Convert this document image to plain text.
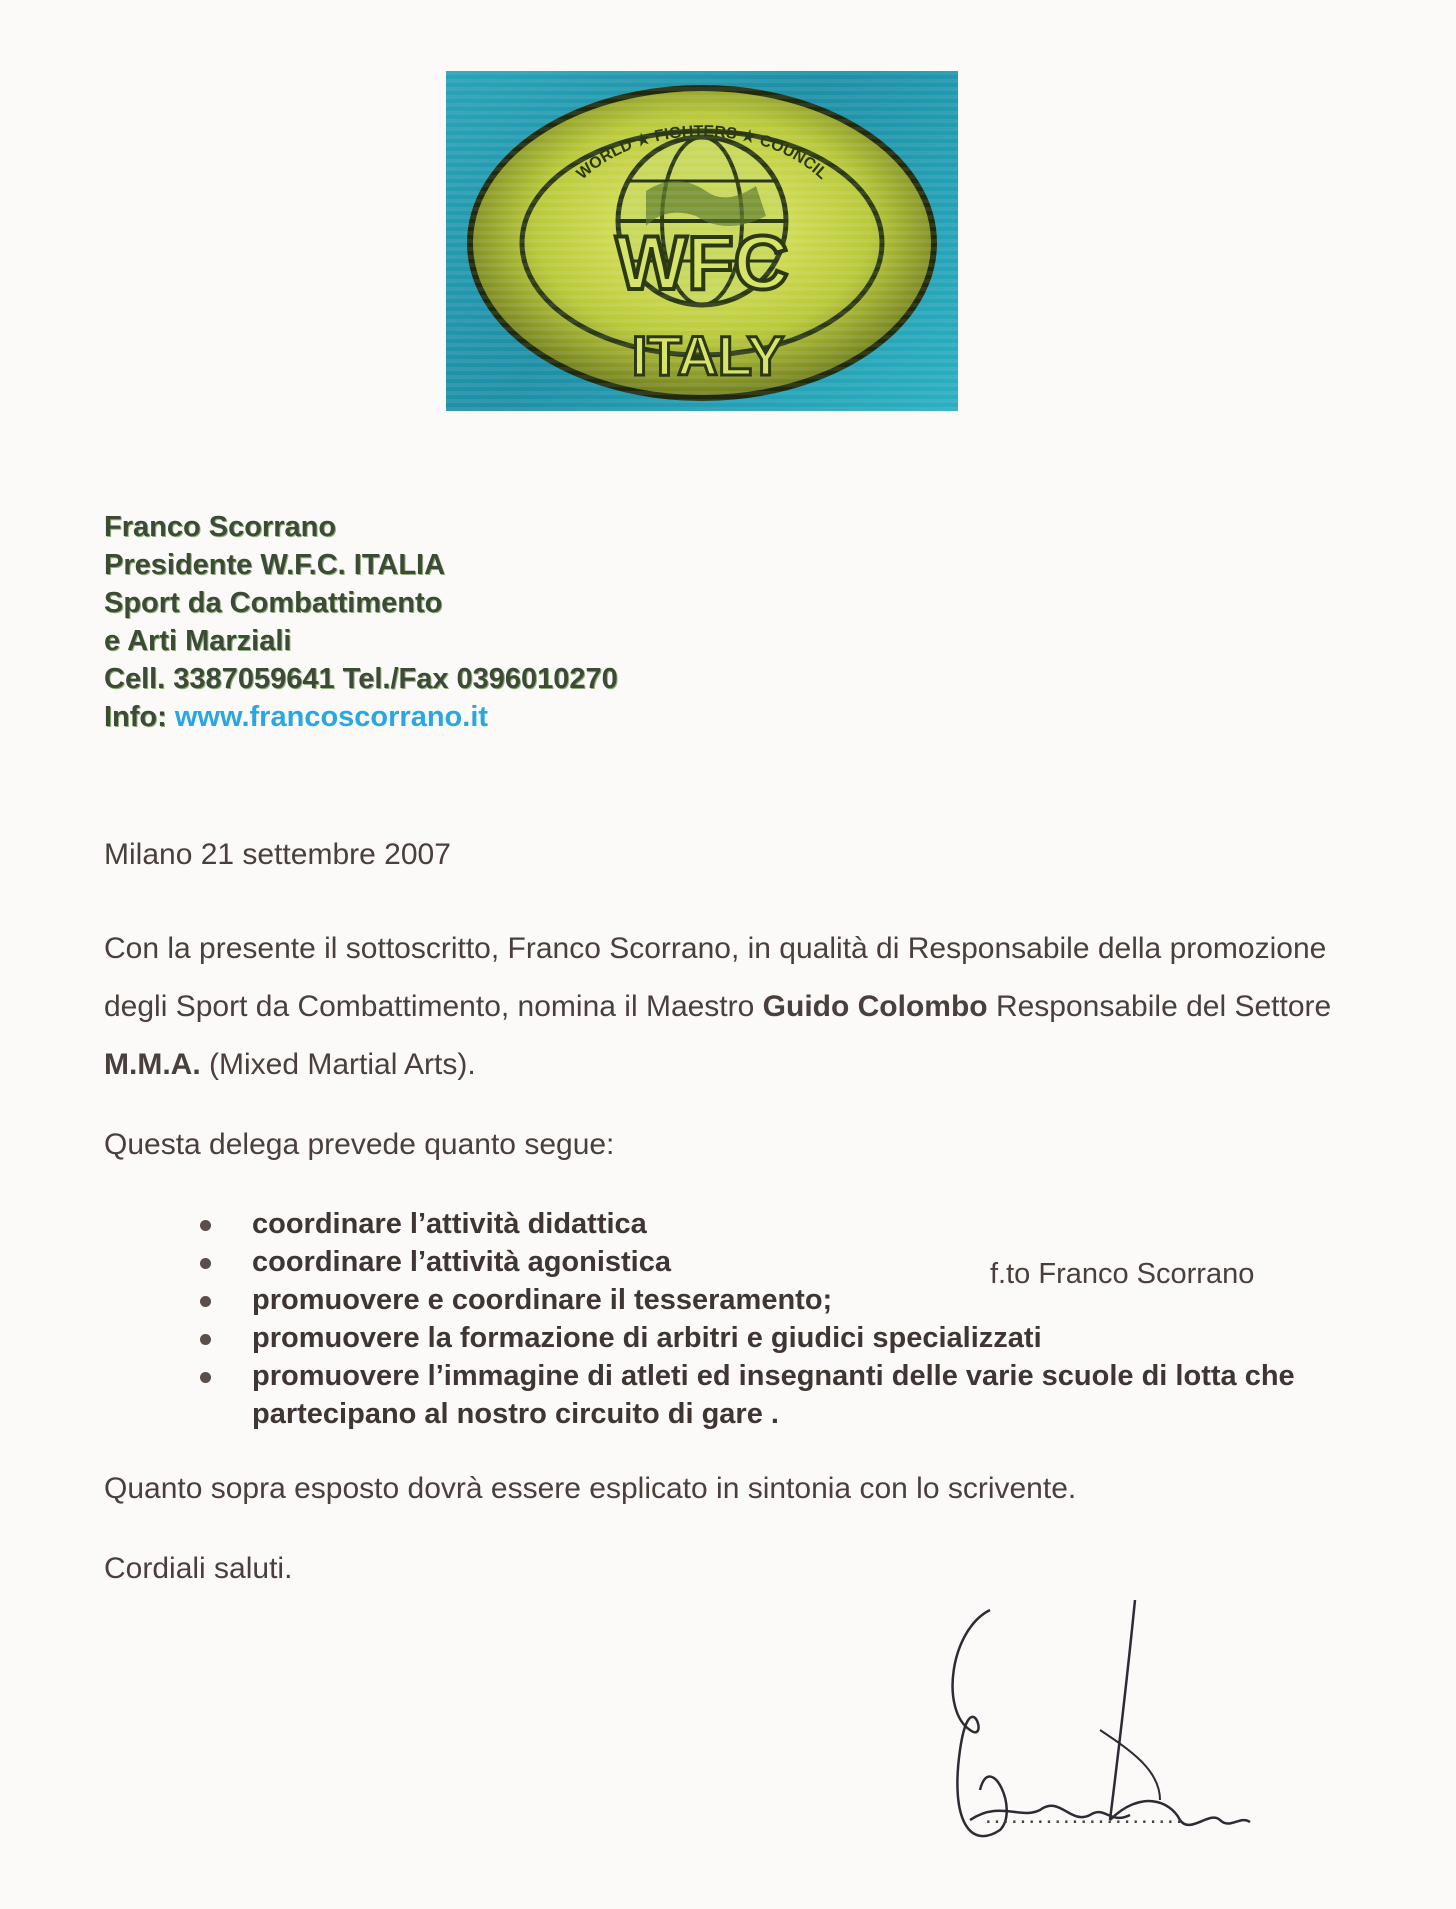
WFC
ITALY
WORLD ★ FIGHTERS ★ COUNCIL
Franco Scorrano
Presidente W.F.C. ITALIA
Sport da Combattimento
e Arti Marziali
Cell. 3387059641 Tel./Fax 0396010270
Info: www.francoscorrano.it
Milano 21 settembre 2007
Con la presente il sottoscritto, Franco Scorrano, in qualità di Responsabile della promozione degli Sport da Combattimento, nomina il Maestro Guido Colombo Responsabile del Settore M.M.A. (Mixed Martial Arts).
Questa delega prevede quanto segue:
coordinare l’attività didattica
coordinare l’attività agonistica
promuovere e coordinare il tesseramento;
promuovere la formazione di arbitri e giudici specializzati
promuovere l’immagine di atleti ed insegnanti delle varie scuole di lotta che partecipano al nostro circuito di gare .
Quanto sopra esposto dovrà essere esplicato in sintonia con lo scrivente.
Cordiali saluti.
f.to Franco Scorrano
.......................
